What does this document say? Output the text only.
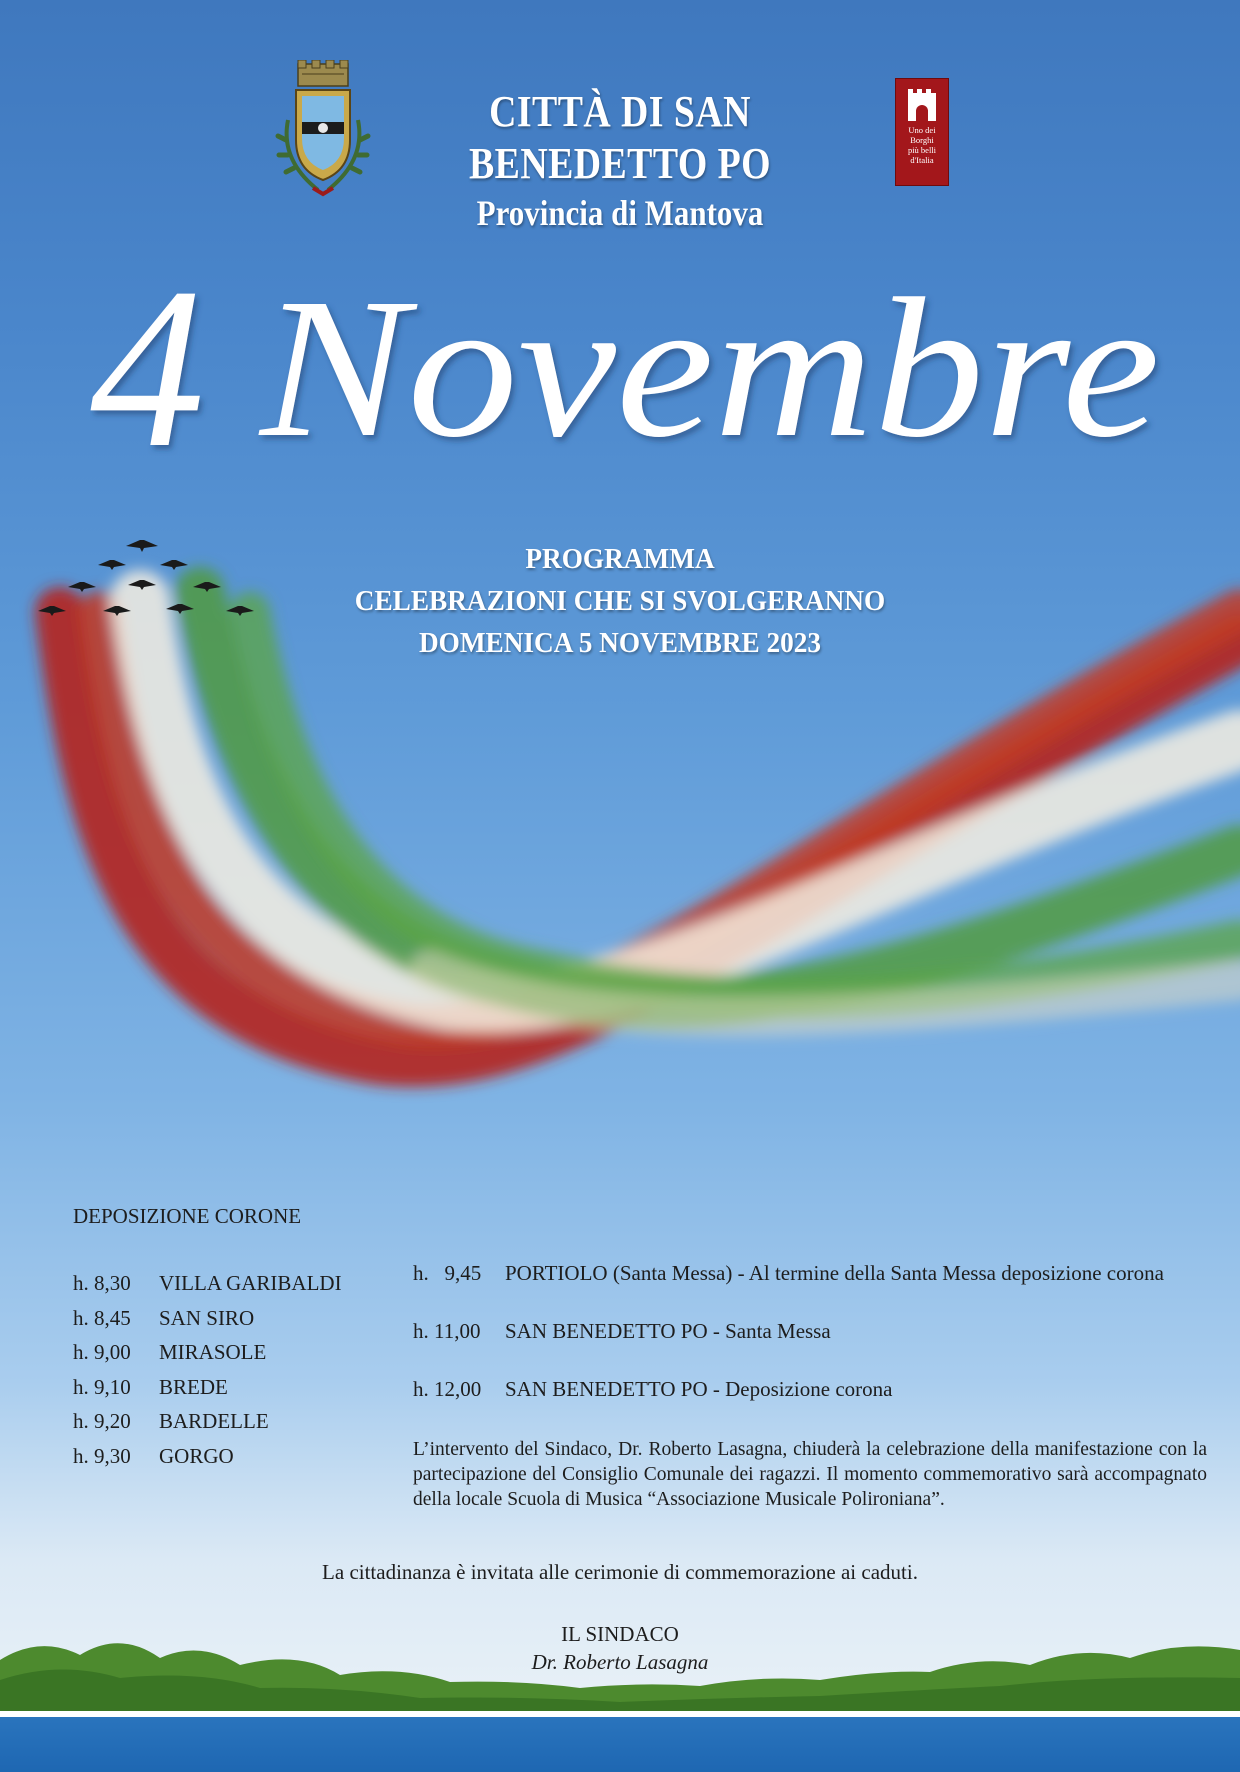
CITTÀ DI SAN BENEDETTO PO
Provincia di Mantova
Uno dei
Borghi
più belli
d'Italia
4 Novembre
PROGRAMMA
CELEBRAZIONI CHE SI SVOLGERANNO
DOMENICA 5 NOVEMBRE 2023
DEPOSIZIONE CORONE
h. 8,30 VILLA GARIBALDI
h. 8,45 SAN SIRO
h. 9,00 MIRASOLE
h. 9,10 BREDE
h. 9,20 BARDELLE
h. 9,30 GORGO
h.   9,45 PORTIOLO (Santa Messa) - Al termine della Santa Messa deposizione corona
h. 11,00 SAN BENEDETTO PO - Santa Messa
h. 12,00 SAN BENEDETTO PO - Deposizione corona
L’intervento del Sindaco, Dr. Roberto Lasagna, chiuderà la celebrazione della manifestazione con la partecipazione del Consiglio Comunale dei ragazzi. Il momento commemorativo sarà accompagnato della locale Scuola di Musica “Associazione Musicale Polironiana”.
La cittadinanza è invitata alle cerimonie di commemorazione ai caduti.
IL SINDACO
Dr. Roberto Lasagna
